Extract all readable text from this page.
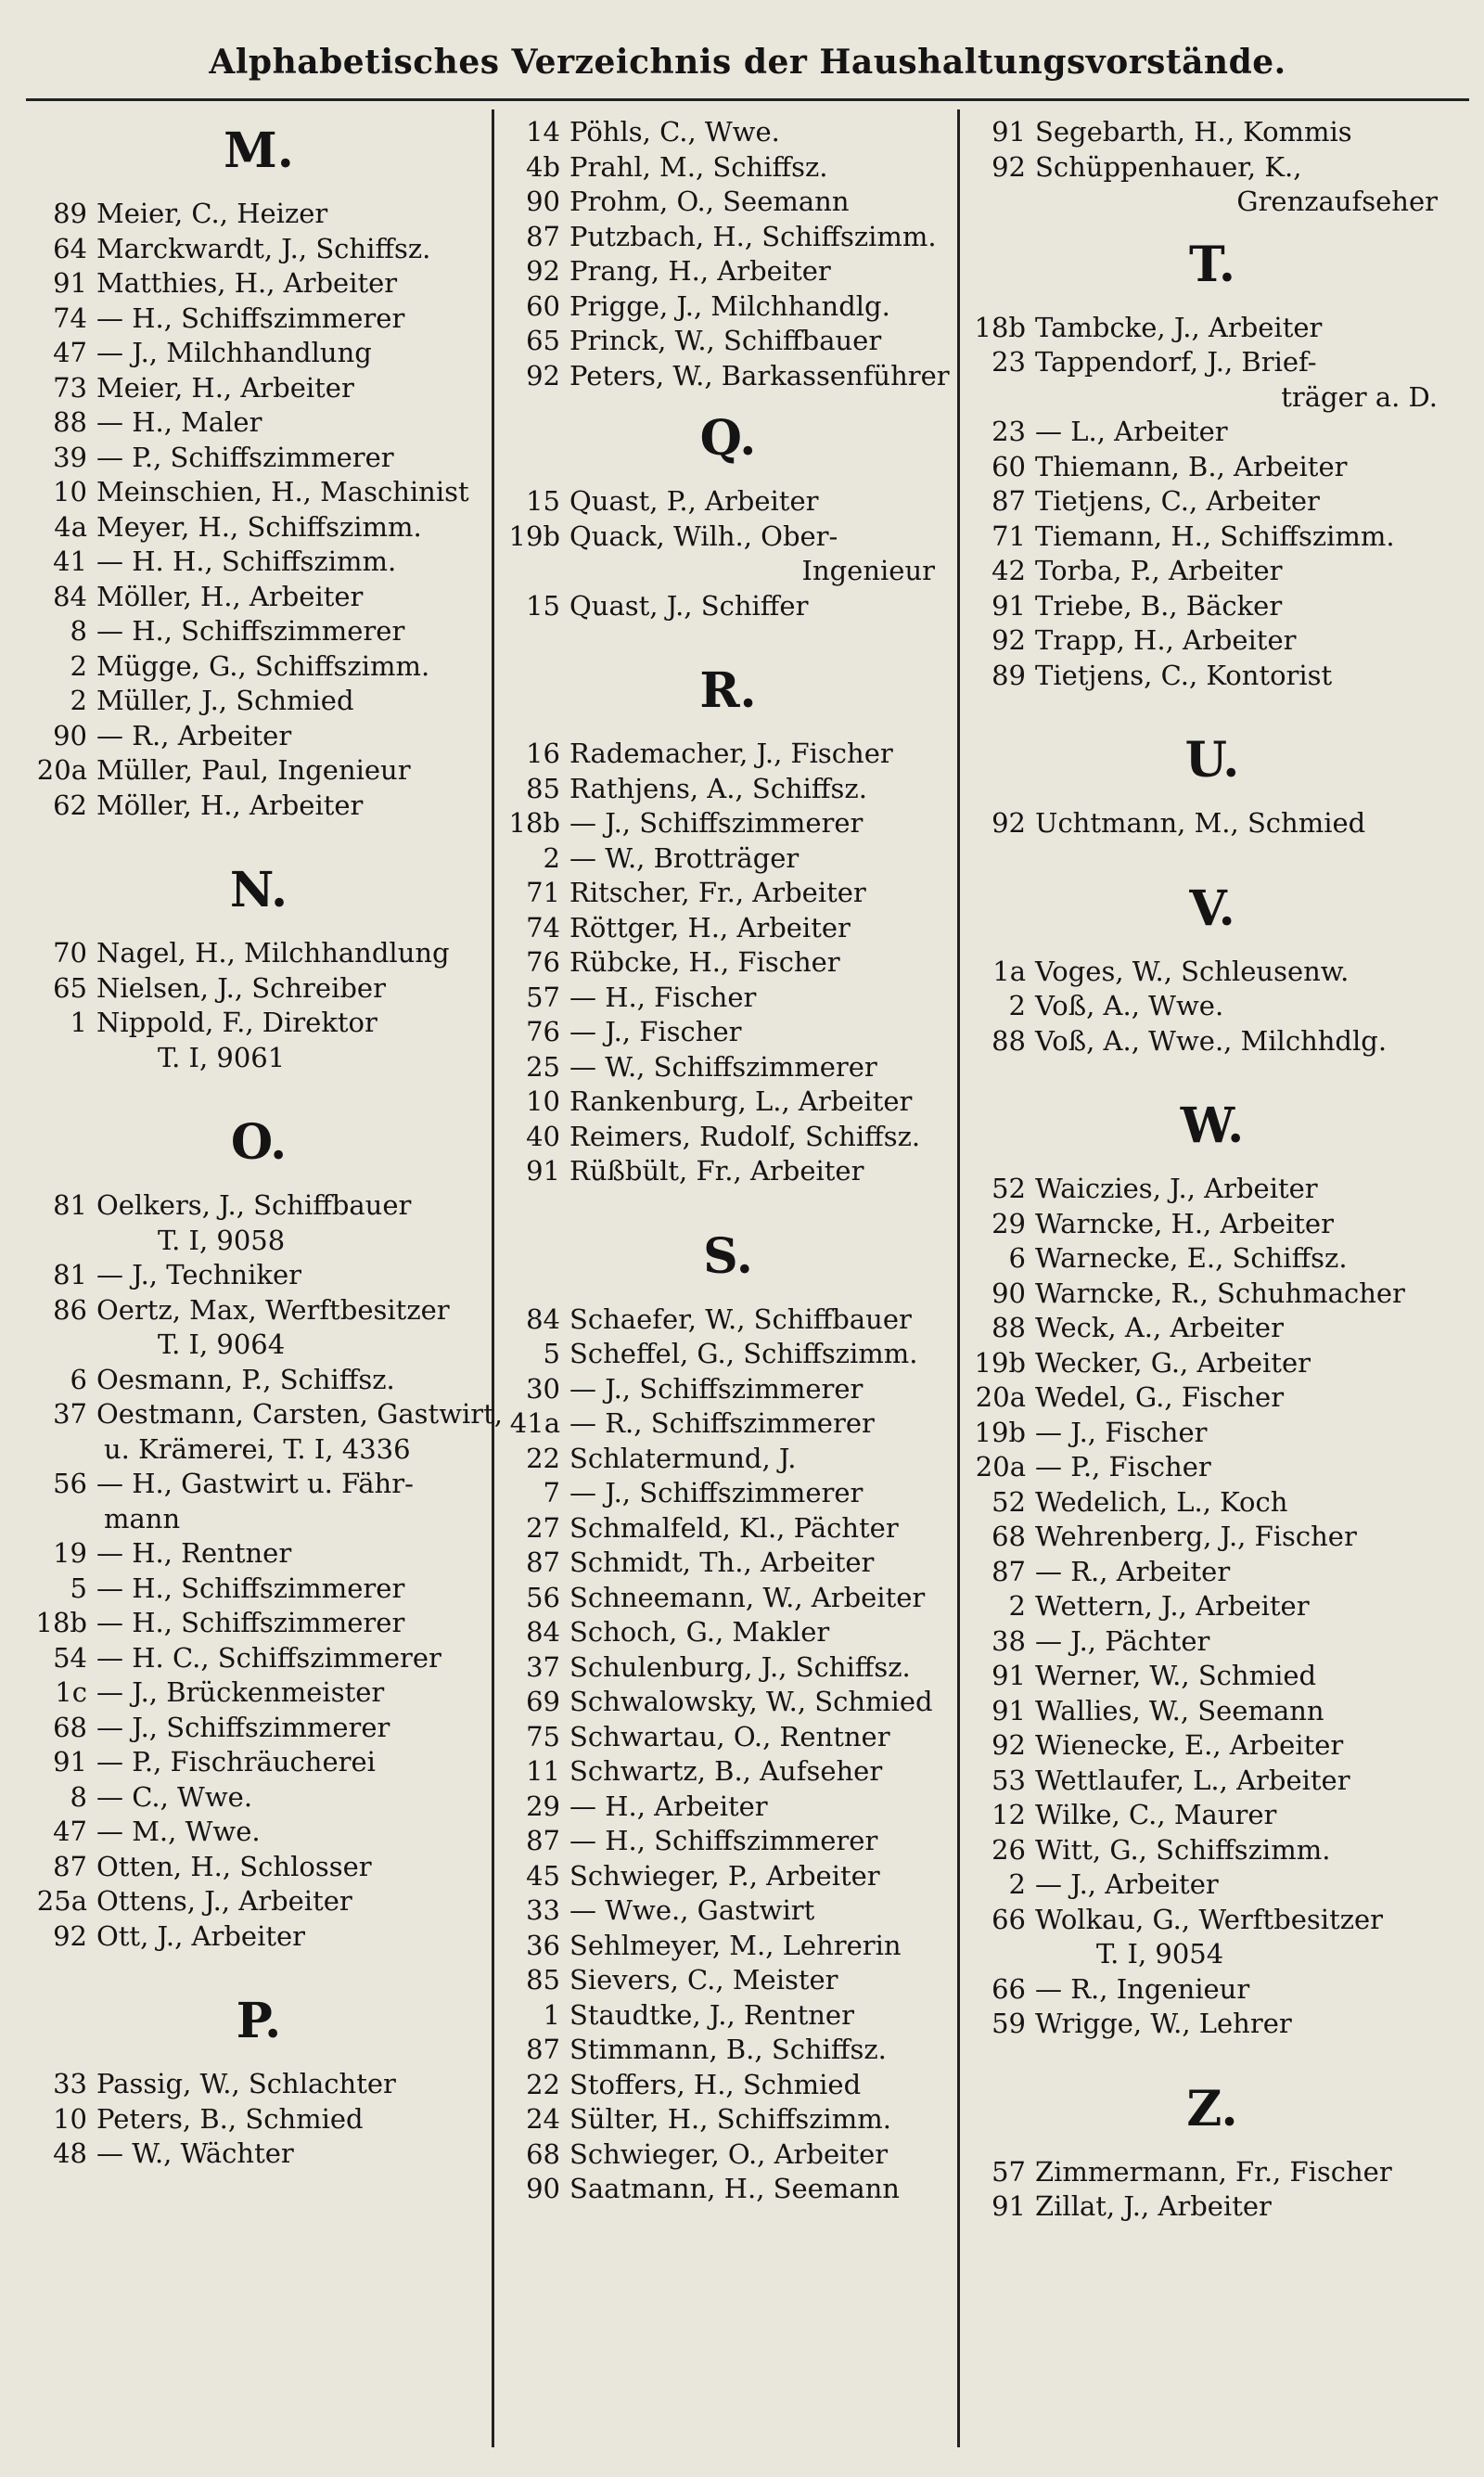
Alphabetisches Verzeichnis der Haushaltungsvorstände.
M.
89 Meier, C., Heizer
64 Marckwardt, J., Schiffsz.
91 Matthies, H., Arbeiter
74 — H., Schiffszimmerer
47 — J., Milchhandlung
73 Meier, H., Arbeiter
88 — H., Maler
39 — P., Schiffszimmerer
10 Meinschien, H., Maschinist
4a Meyer, H., Schiffszimm.
41 — H. H., Schiffszimm.
84 Möller, H., Arbeiter
8 — H., Schiffszimmerer
2 Mügge, G., Schiffszimm.
2 Müller, J., Schmied
90 — R., Arbeiter
20a Müller, Paul, Ingenieur
62 Möller, H., Arbeiter
N.
70 Nagel, H., Milchhandlung
65 Nielsen, J., Schreiber
1 Nippold, F., Direktor
T. I, 9061
O.
81 Oelkers, J., Schiffbauer
T. I, 9058
81 — J., Techniker
86 Oertz, Max, Werftbesitzer
T. I, 9064
6 Oesmann, P., Schiffsz.
37 Oestmann, Carsten, Gastwirt,
u. Krämerei, T. I, 4336
56 — H., Gastwirt u. Fähr-
mann
19 — H., Rentner
5 — H., Schiffszimmerer
18b — H., Schiffszimmerer
54 — H. C., Schiffszimmerer
1c — J., Brückenmeister
68 — J., Schiffszimmerer
91 — P., Fischräucherei
8 — C., Wwe.
47 — M., Wwe.
87 Otten, H., Schlosser
25a Ottens, J., Arbeiter
92 Ott, J., Arbeiter
P.
33 Passig, W., Schlachter
10 Peters, B., Schmied
48 — W., Wächter
14 Pöhls, C., Wwe.
4b Prahl, M., Schiffsz.
90 Prohm, O., Seemann
87 Putzbach, H., Schiffszimm.
92 Prang, H., Arbeiter
60 Prigge, J., Milchhandlg.
65 Princk, W., Schiffbauer
92 Peters, W., Barkassenführer
Q.
15 Quast, P., Arbeiter
19b Quack, Wilh., Ober-
Ingenieur
15 Quast, J., Schiffer
R.
16 Rademacher, J., Fischer
85 Rathjens, A., Schiffsz.
18b — J., Schiffszimmerer
2 — W., Brotträger
71 Ritscher, Fr., Arbeiter
74 Röttger, H., Arbeiter
76 Rübcke, H., Fischer
57 — H., Fischer
76 — J., Fischer
25 — W., Schiffszimmerer
10 Rankenburg, L., Arbeiter
40 Reimers, Rudolf, Schiffsz.
91 Rüßbült, Fr., Arbeiter
S.
84 Schaefer, W., Schiffbauer
5 Scheffel, G., Schiffszimm.
30 — J., Schiffszimmerer
41a — R., Schiffszimmerer
22 Schlatermund, J.
7 — J., Schiffszimmerer
27 Schmalfeld, Kl., Pächter
87 Schmidt, Th., Arbeiter
56 Schneemann, W., Arbeiter
84 Schoch, G., Makler
37 Schulenburg, J., Schiffsz.
69 Schwalowsky, W., Schmied
75 Schwartau, O., Rentner
11 Schwartz, B., Aufseher
29 — H., Arbeiter
87 — H., Schiffszimmerer
45 Schwieger, P., Arbeiter
33 — Wwe., Gastwirt
36 Sehlmeyer, M., Lehrerin
85 Sievers, C., Meister
1 Staudtke, J., Rentner
87 Stimmann, B., Schiffsz.
22 Stoffers, H., Schmied
24 Sülter, H., Schiffszimm.
68 Schwieger, O., Arbeiter
90 Saatmann, H., Seemann
91 Segebarth, H., Kommis
92 Schüppenhauer, K.,
Grenzaufseher
T.
18b Tambcke, J., Arbeiter
23 Tappendorf, J., Brief-
träger a. D.
23 — L., Arbeiter
60 Thiemann, B., Arbeiter
87 Tietjens, C., Arbeiter
71 Tiemann, H., Schiffszimm.
42 Torba, P., Arbeiter
91 Triebe, B., Bäcker
92 Trapp, H., Arbeiter
89 Tietjens, C., Kontorist
U.
92 Uchtmann, M., Schmied
V.
1a Voges, W., Schleusenw.
2 Voß, A., Wwe.
88 Voß, A., Wwe., Milchhdlg.
W.
52 Waiczies, J., Arbeiter
29 Warncke, H., Arbeiter
6 Warnecke, E., Schiffsz.
90 Warncke, R., Schuhmacher
88 Weck, A., Arbeiter
19b Wecker, G., Arbeiter
20a Wedel, G., Fischer
19b — J., Fischer
20a — P., Fischer
52 Wedelich, L., Koch
68 Wehrenberg, J., Fischer
87 — R., Arbeiter
2 Wettern, J., Arbeiter
38 — J., Pächter
91 Werner, W., Schmied
91 Wallies, W., Seemann
92 Wienecke, E., Arbeiter
53 Wettlaufer, L., Arbeiter
12 Wilke, C., Maurer
26 Witt, G., Schiffszimm.
2 — J., Arbeiter
66 Wolkau, G., Werftbesitzer
T. I, 9054
66 — R., Ingenieur
59 Wrigge, W., Lehrer
Z.
57 Zimmermann, Fr., Fischer
91 Zillat, J., Arbeiter
